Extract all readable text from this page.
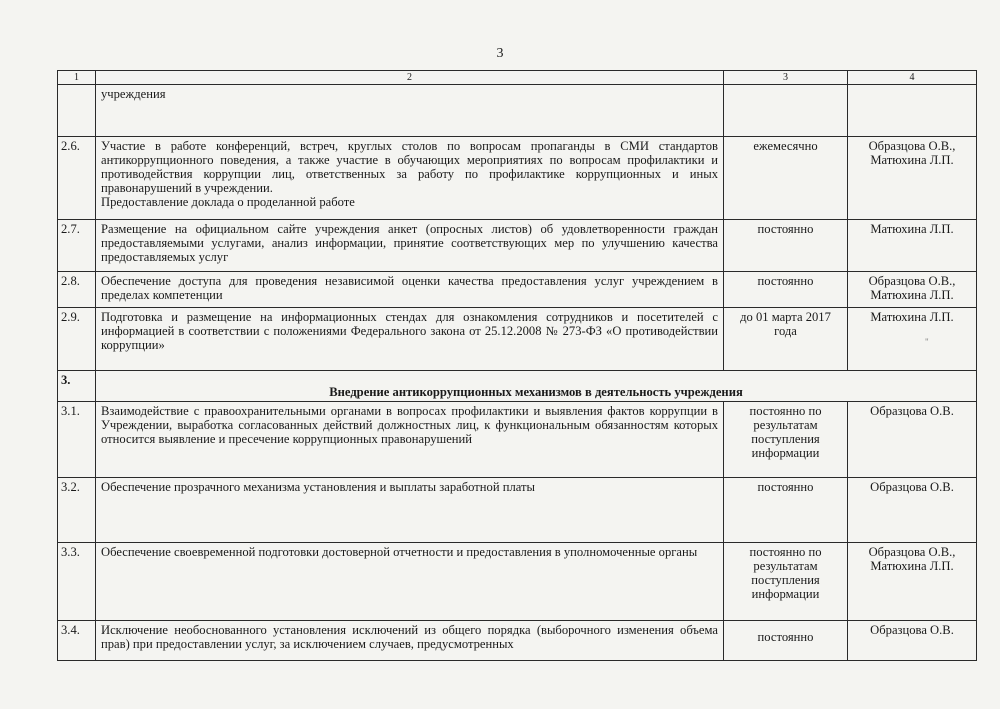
3
1	2	3	4

	учреждения		

2.6.	Участие в работе конференций, встреч, круглых столов по вопросам пропаганды в СМИ стандартов антикоррупционного поведения, а также участие в обучающих мероприятиях по вопросам профилактики и противодействия коррупции лиц, ответственных за работу по профилактике коррупционных и иных правонарушений в учреждении.

Предоставление доклада о проделанной работе	ежемесячно	Образцова О.В., Матюхина Л.П.
2.7.	Размещение на официальном сайте учреждения анкет (опросных листов) об удовлетворенности граждан предоставляемыми услугами, анализ информации, принятие соответствующих мер по улучшению качества предоставляемых услуг	постоянно	Матюхина Л.П.
2.8.	Обеспечение доступа для проведения независимой оценки качества предоставления услуг учреждением в пределах компетенции	постоянно	Образцова О.В., Матюхина Л.П.
2.9.	Подготовка и размещение на информационных стендах для ознакомления сотрудников и посетителей с информацией в соответствии с положениями Федерального закона от 25.12.2008 № 273-ФЗ «О противодействии коррупции»	до 01 марта 2017 года	Матюхина Л.П.
3.	Внедрение антикоррупционных механизмов в деятельность учреждения		
3.1.	Взаимодействие с правоохранительными органами в вопросах профилактики и выявления фактов коррупции в Учреждении, выработка согласованных действий должностных лиц, к функциональным обязанностям которых относится выявление и пресечение коррупционных правонарушений	постоянно по результатам поступления информации	Образцова О.В.
3.2.	Обеспечение прозрачного механизма установления и выплаты заработной платы	постоянно	Образцова О.В.
3.3.	Обеспечение своевременной подготовки достоверной отчетности и предоставления в уполномоченные органы	постоянно по результатам поступления информации	Образцова О.В., Матюхина Л.П.
3.4.	Исключение необоснованного установления исключений из общего порядка (выборочного изменения объема прав) при предоставлении услуг, за исключением случаев, предусмотренных	постоянно	Образцова О.В.
"
